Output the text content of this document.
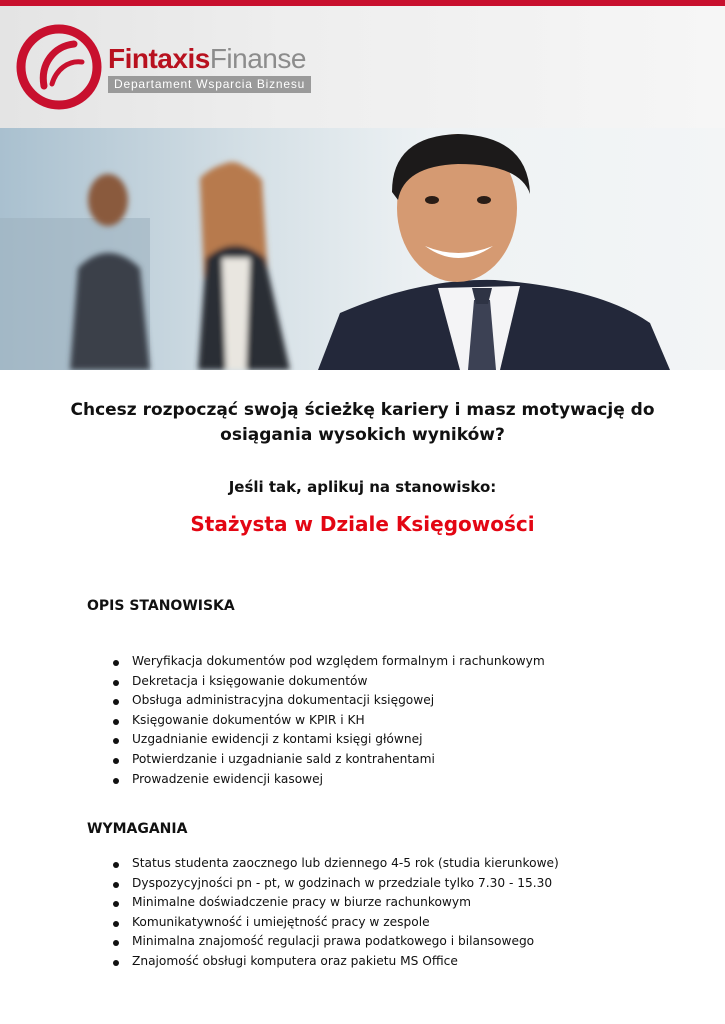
FintaxisFinanse
Departament Wsparcia Biznesu
Chcesz rozpocząć swoją ścieżkę kariery i masz motywację do
osiągania wysokich wyników?
Jeśli tak, aplikuj na stanowisko:
Stażysta w Dziale Księgowości
OPIS STANOWISKA
Weryfikacja dokumentów pod względem formalnym i rachunkowym
Dekretacja i księgowanie dokumentów
Obsługa administracyjna dokumentacji księgowej
Księgowanie dokumentów w KPIR i KH
Uzgadnianie ewidencji z kontami księgi głównej
Potwierdzanie i uzgadnianie sald z kontrahentami
Prowadzenie ewidencji kasowej
WYMAGANIA
Status studenta zaocznego lub dziennego 4-5 rok (studia kierunkowe)
Dyspozycyjności pn - pt, w godzinach w przedziale tylko 7.30 - 15.30
Minimalne doświadczenie pracy w biurze rachunkowym
Komunikatywność i umiejętność pracy w zespole
Minimalna znajomość regulacji prawa podatkowego i bilansowego
Znajomość obsługi komputera oraz pakietu MS Office
